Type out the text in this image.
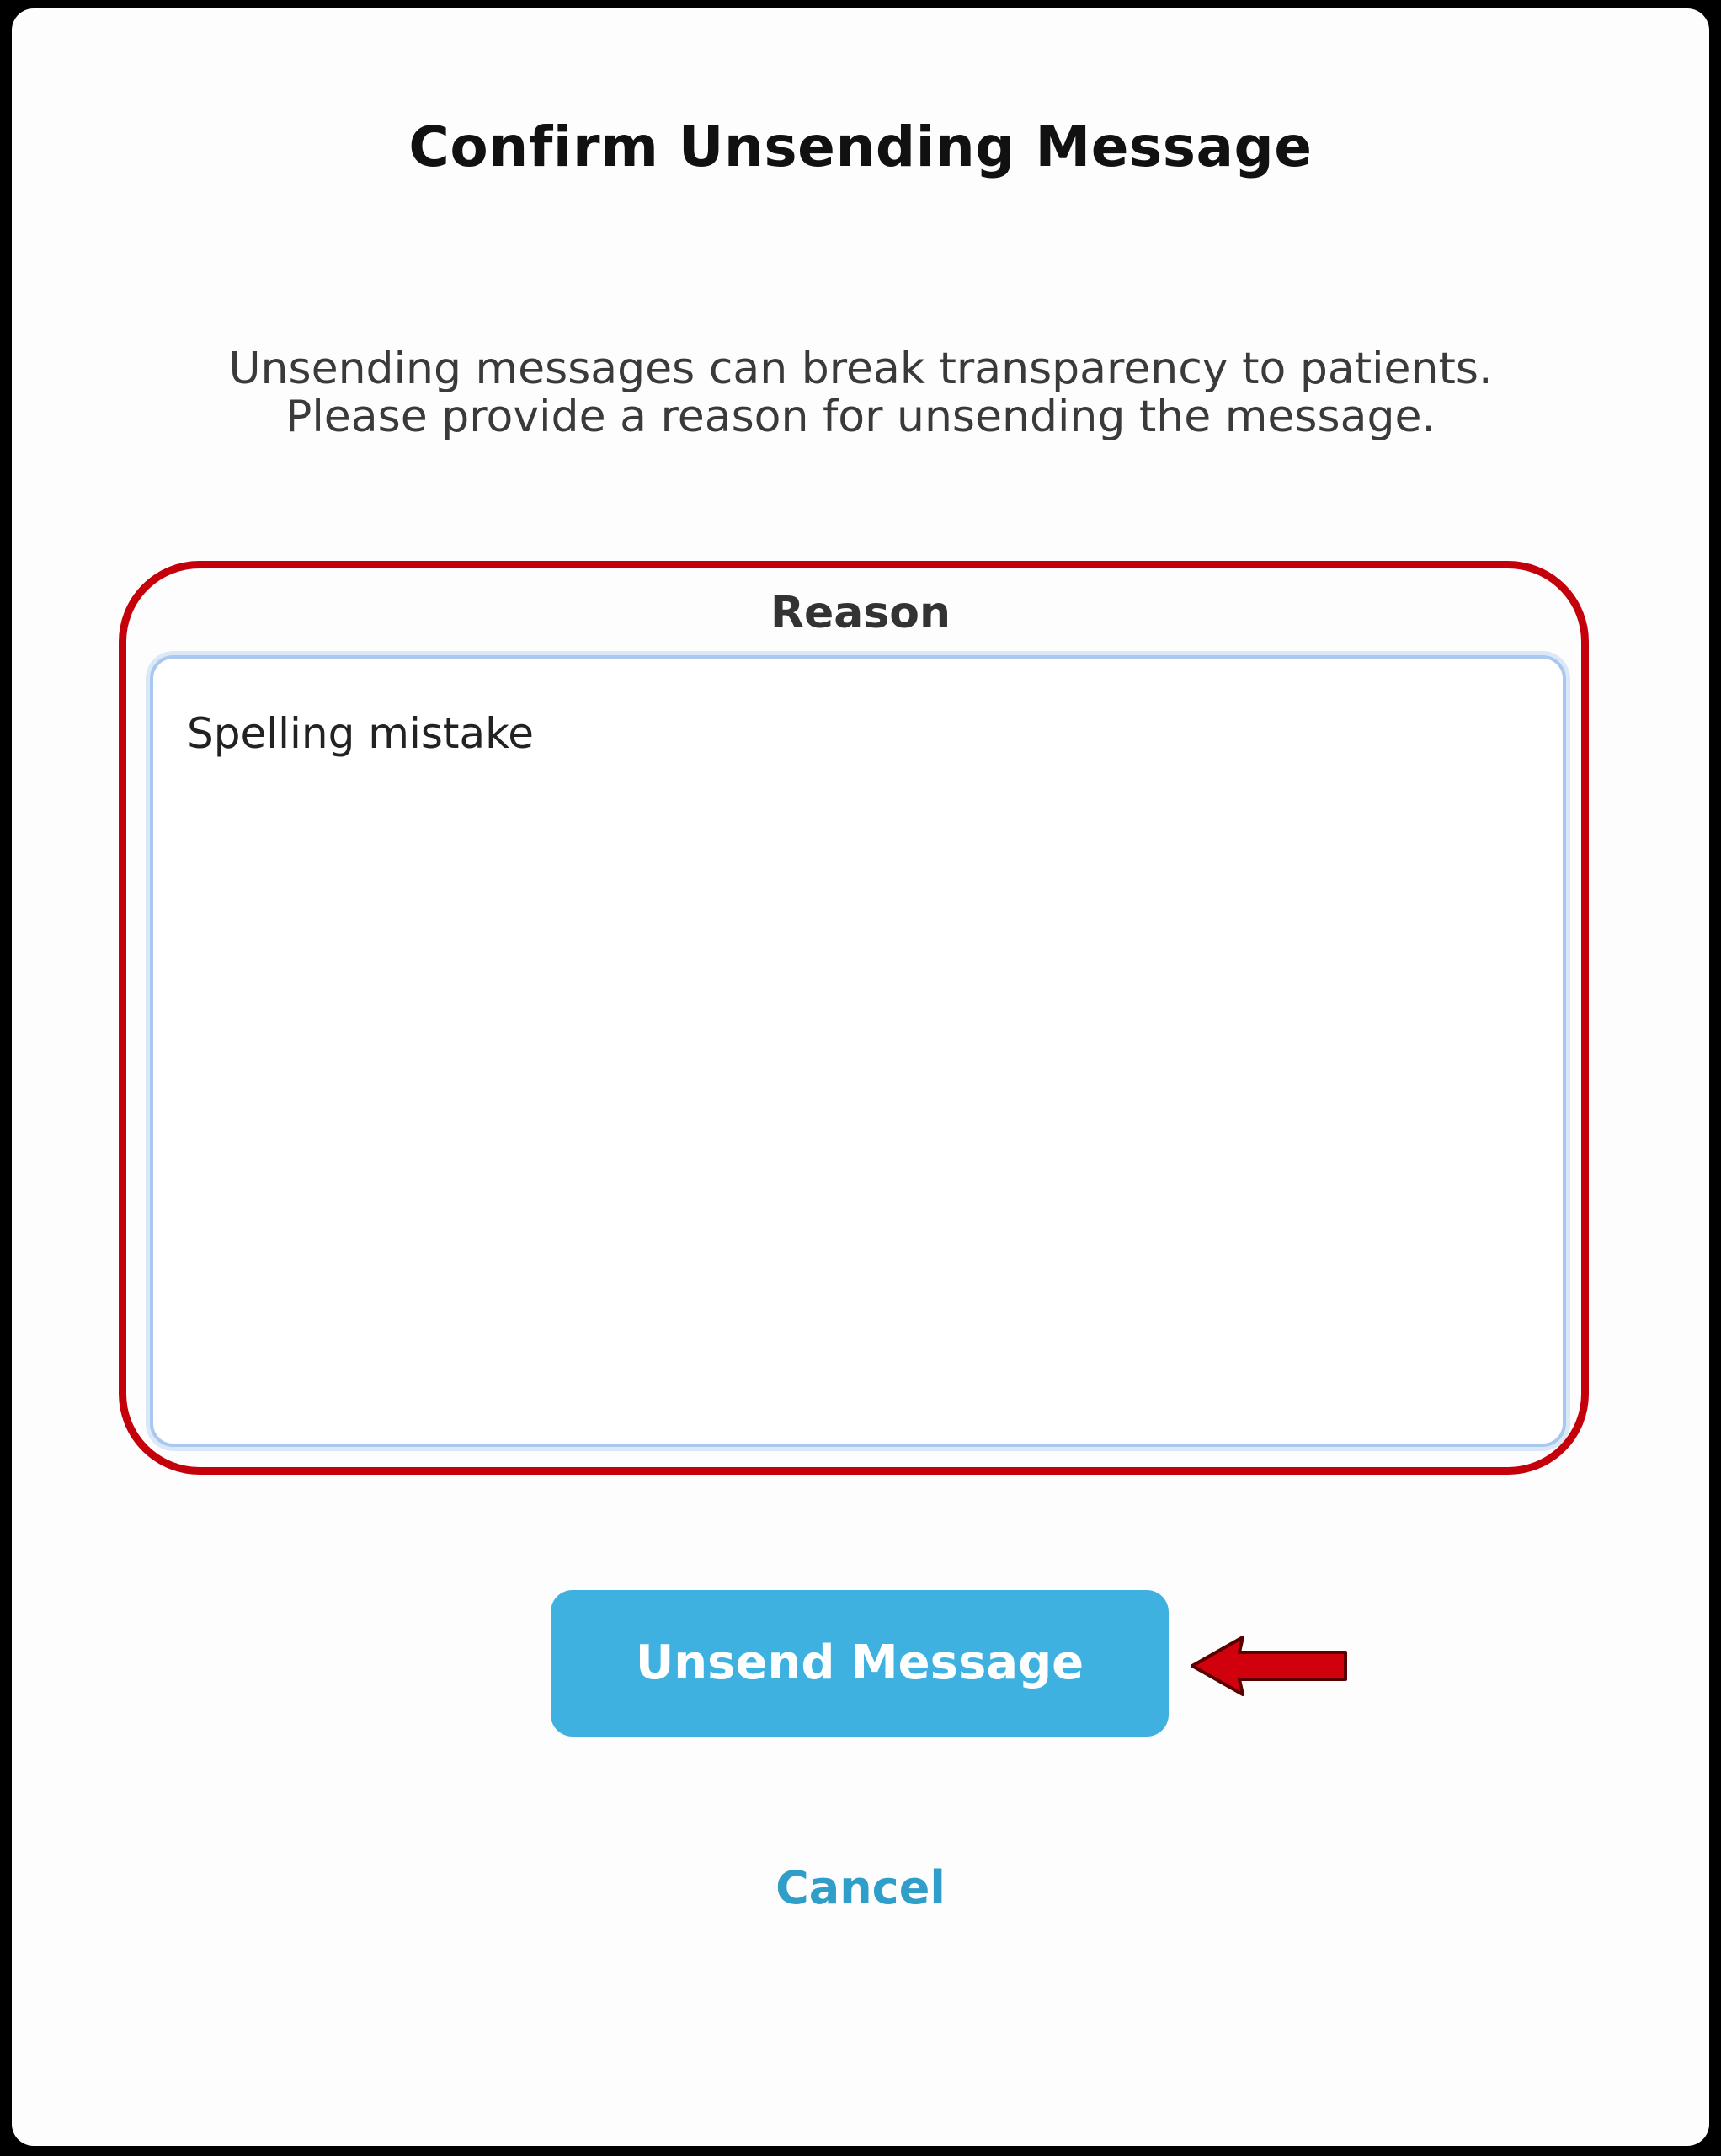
Confirm Unsending Message
Unsending messages can break transparency to patients.
Please provide a reason for unsending the message.
Reason
Spelling mistake
Unsend Message
Cancel
